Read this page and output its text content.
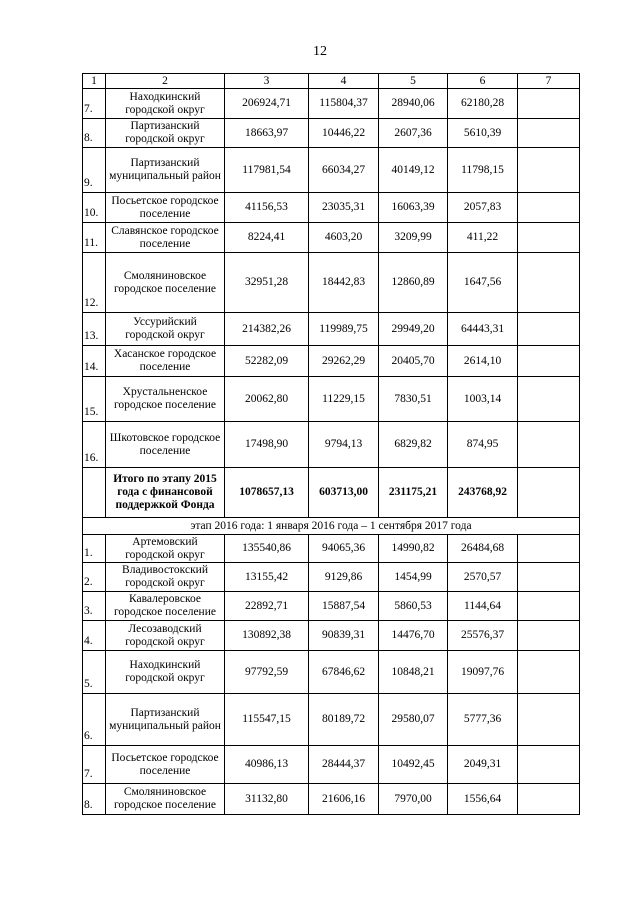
12
1	2	3	4	5	6	7
7.	Находкинский городской округ	206924,71	115804,37	28940,06	62180,28	
8.	Партизанский городской округ	18663,97	10446,22	2607,36	5610,39	
9.	Партизанский муниципальный район	117981,54	66034,27	40149,12	11798,15	
10.	Посьетское городское поселение	41156,53	23035,31	16063,39	2057,83	
11.	Славянское городское поселение	8224,41	4603,20	3209,99	411,22	
12.	Смоляниновское городское поселение	32951,28	18442,83	12860,89	1647,56	
13.	Уссурийский городской округ	214382,26	119989,75	29949,20	64443,31	
14.	Хасанское городское поселение	52282,09	29262,29	20405,70	2614,10	
15.	Хрустальненское городское поселение	20062,80	11229,15	7830,51	1003,14	
16.	Шкотовское городское поселение	17498,90	9794,13	6829,82	874,95	
	Итого по этапу 2015 года с финансовой поддержкой Фонда	1078657,13	603713,00	231175,21	243768,92	
этап 2016 года: 1 января 2016 года – 1 сентября 2017 года						
1.	Артемовский городской округ	135540,86	94065,36	14990,82	26484,68	
2.	Владивостокский городской округ	13155,42	9129,86	1454,99	2570,57	
3.	Кавалеровское городское поселение	22892,71	15887,54	5860,53	1144,64	
4.	Лесозаводский городской округ	130892,38	90839,31	14476,70	25576,37	
5.	Находкинский городской округ	97792,59	67846,62	10848,21	19097,76	
6.	Партизанский муниципальный район	115547,15	80189,72	29580,07	5777,36	
7.	Посьетское городское поселение	40986,13	28444,37	10492,45	2049,31	
8.	Смоляниновское городское поселение	31132,80	21606,16	7970,00	1556,64	
